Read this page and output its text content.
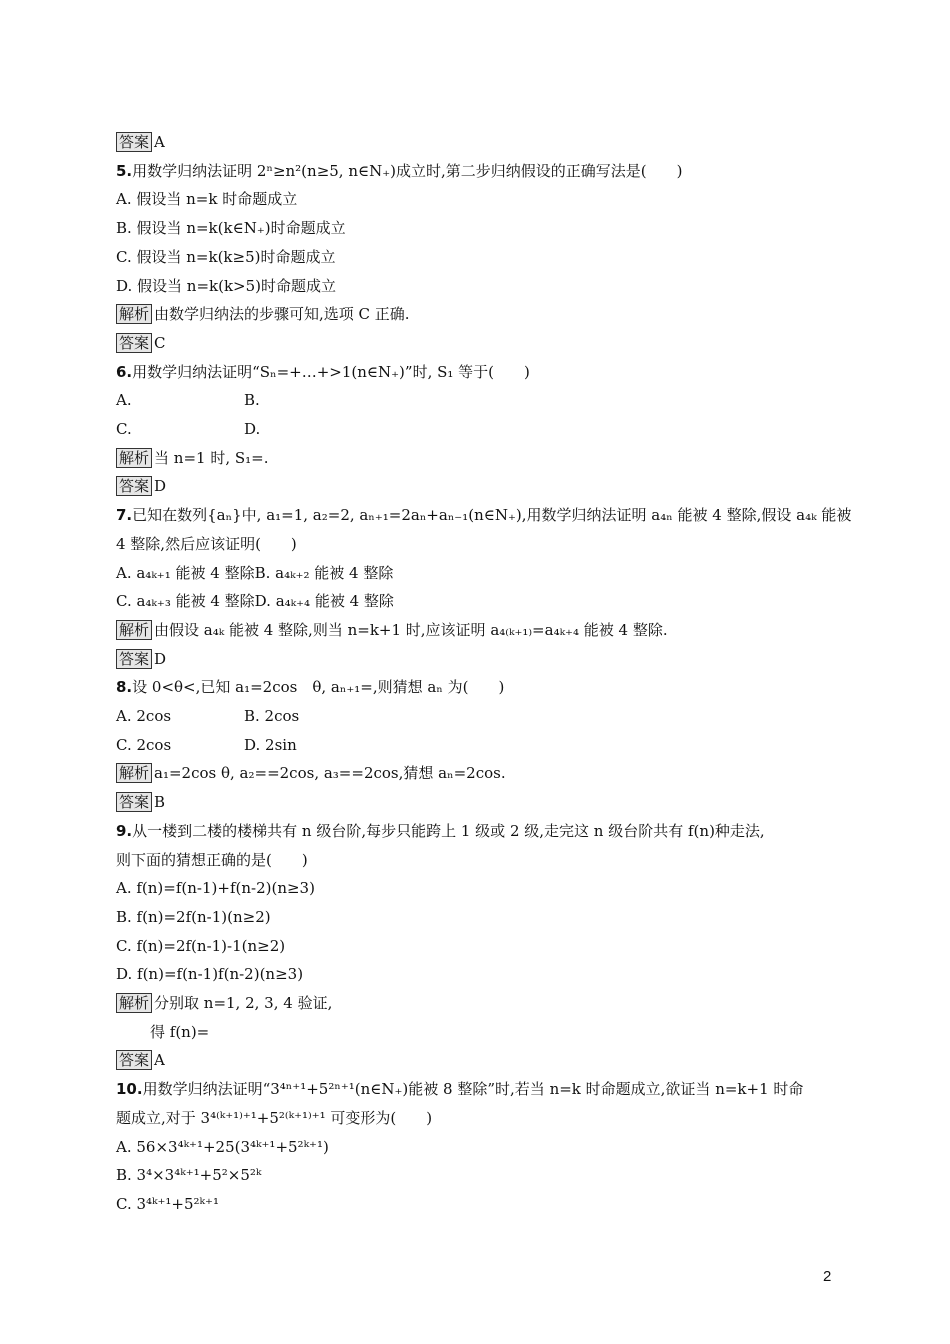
答案 A
5.用数学归纳法证明 2ⁿ≥n²(n≥5, n∈N₊)成立时,第二步归纳假设的正确写法是(　　)
A. 假设当 n=k 时命题成立
B. 假设当 n=k(k∈N₊)时命题成立
C. 假设当 n=k(k≥5)时命题成立
D. 假设当 n=k(k>5)时命题成立
解析 由数学归纳法的步骤可知,选项 C 正确.
答案 C
6.用数学归纳法证明“Sₙ=+…+>1(n∈N₊)”时, S₁ 等于(　　)
A.	B.
C.	D.
解析 当 n=1 时, S₁=.
答案 D
7.已知在数列{aₙ}中, a₁=1, a₂=2, aₙ₊₁=2aₙ+aₙ₋₁(n∈N₊),用数学归纳法证明 a₄ₙ 能被 4 整除,假设 a₄ₖ 能被
4 整除,然后应该证明(　　)
A. a₄ₖ₊₁ 能被 4 整除B. a₄ₖ₊₂ 能被 4 整除
C. a₄ₖ₊₃ 能被 4 整除D. a₄ₖ₊₄ 能被 4 整除
解析 由假设 a₄ₖ 能被 4 整除,则当 n=k+1 时,应该证明 a₄₍ₖ₊₁₎=a₄ₖ₊₄ 能被 4 整除.
答案 D
8.设 0<θ<,已知 a₁=2cos　θ, aₙ₊₁=,则猜想 aₙ 为(　　)
A. 2cos	B. 2cos
C. 2cos	D. 2sin
解析 a₁=2cos θ, a₂==2cos, a₃==2cos,猜想 aₙ=2cos.
答案 B
9.从一楼到二楼的楼梯共有 n 级台阶,每步只能跨上 1 级或 2 级,走完这 n 级台阶共有 f(n)种走法,
则下面的猜想正确的是(　　)
A. f(n)=f(n-1)+f(n-2)(n≥3)
B. f(n)=2f(n-1)(n≥2)
C. f(n)=2f(n-1)-1(n≥2)
D. f(n)=f(n-1)f(n-2)(n≥3)
解析 分别取 n=1, 2, 3, 4 验证,
得 f(n)=
答案 A
10.用数学归纳法证明“3⁴ⁿ⁺¹+5²ⁿ⁺¹(n∈N₊)能被 8 整除”时,若当 n=k 时命题成立,欲证当 n=k+1 时命
题成立,对于 3⁴⁽ᵏ⁺¹⁾⁺¹+5²⁽ᵏ⁺¹⁾⁺¹ 可变形为(　　)
A. 56×3⁴ᵏ⁺¹+25(3⁴ᵏ⁺¹+5²ᵏ⁺¹)
B. 3⁴×3⁴ᵏ⁺¹+5²×5²ᵏ
C. 3⁴ᵏ⁺¹+5²ᵏ⁺¹
2
